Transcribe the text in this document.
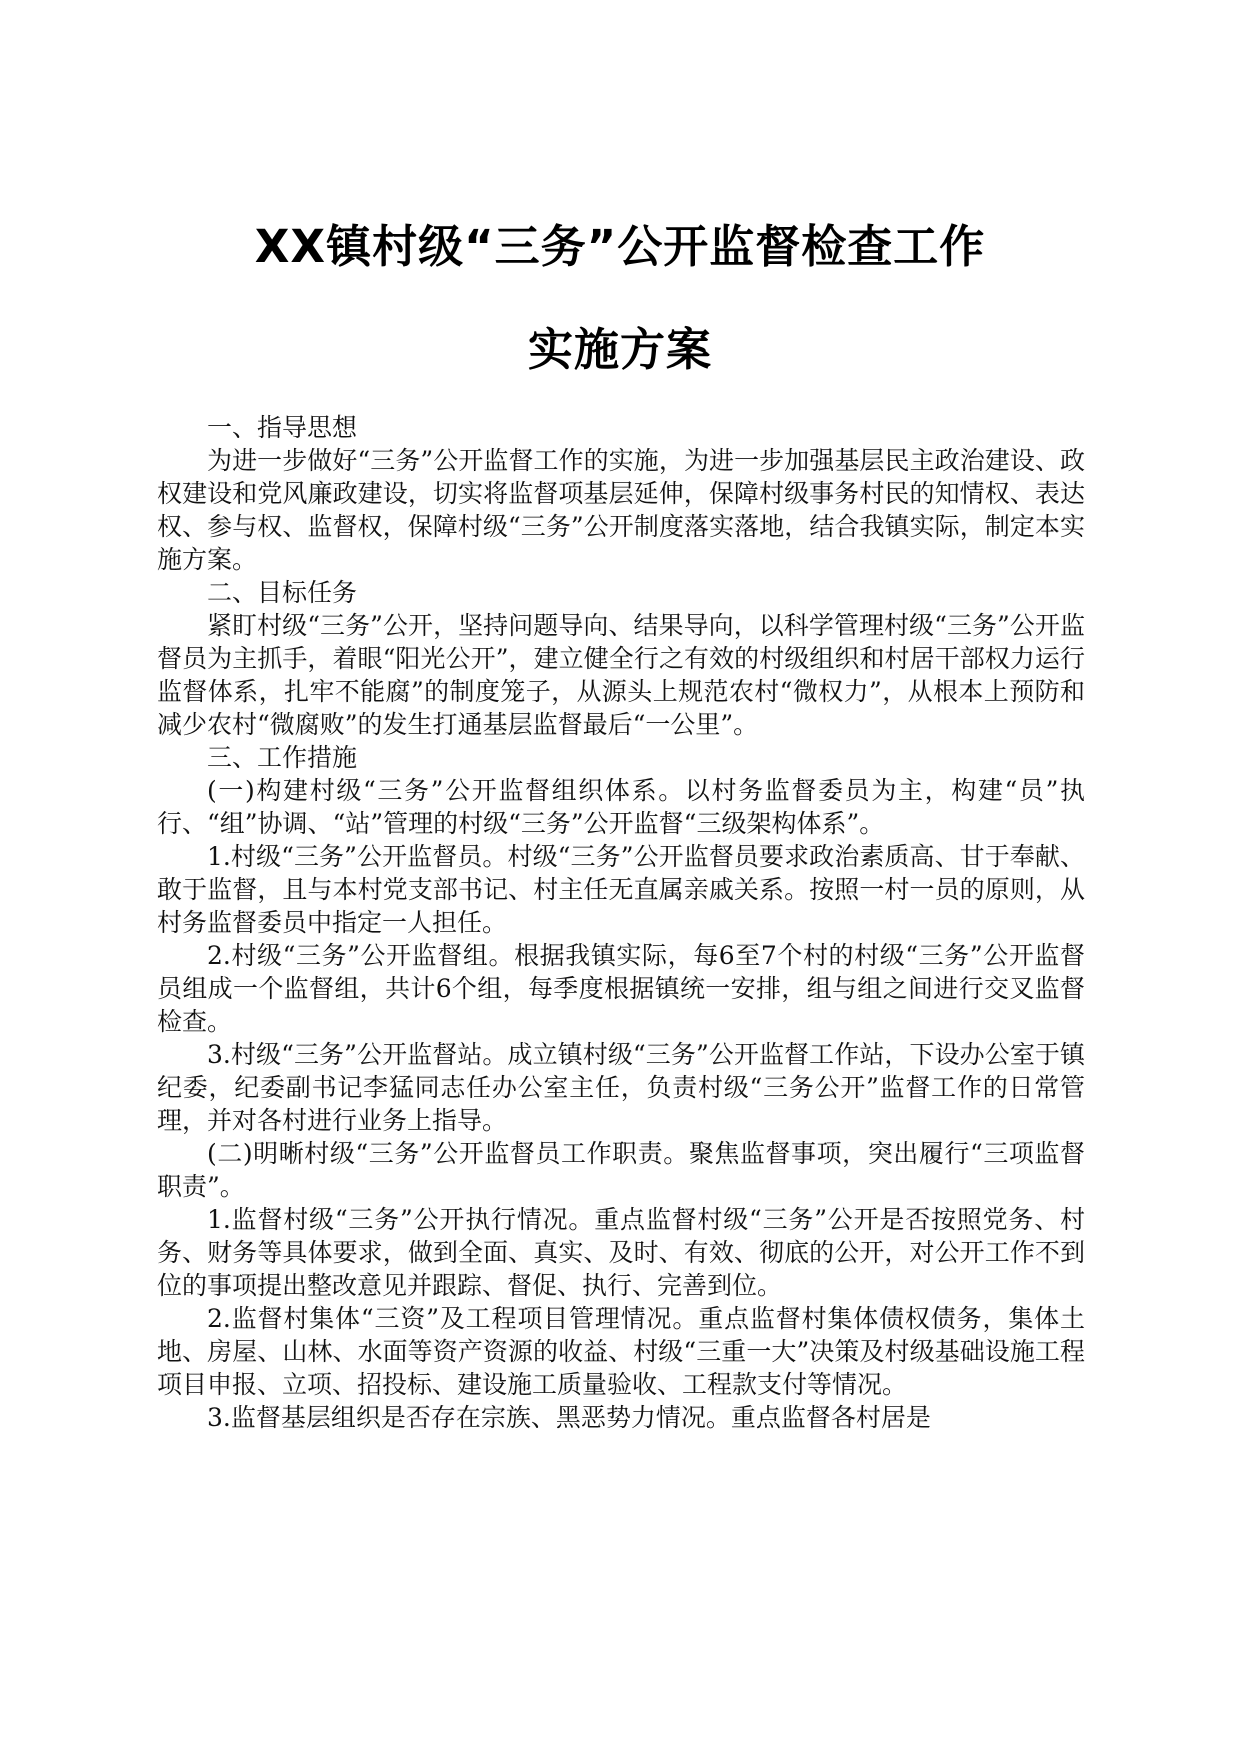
XX镇村级“三务”公开监督检查工作
实施方案

一、指导思想

为进一步做好“三务”公开监督工作的实施，为进一步加强基层民主政治建设、政权建设和党风廉政建设，切实将监督项基层延伸，保障村级事务村民的知情权、表达权、参与权、监督权，保障村级“三务”公开制度落实落地，结合我镇实际，制定本实施方案。

二、目标任务

紧盯村级“三务”公开，坚持问题导向、结果导向，以科学管理村级“三务”公开监督员为主抓手，着眼“阳光公开”，建立健全行之有效的村级组织和村居干部权力运行监督体系，扎牢不能腐”的制度笼子，从源头上规范农村“微权力”，从根本上预防和减少农村“微腐败”的发生打通基层监督最后“一公里”。

三、工作措施

(一)构建村级“三务”公开监督组织体系。以村务监督委员为主，构建“员”执行、“组”协调、“站”管理的村级“三务”公开监督“三级架构体系”。

1.村级“三务”公开监督员。村级“三务”公开监督员要求政治素质高、甘于奉献、敢于监督，且与本村党支部书记、村主任无直属亲戚关系。按照一村一员的原则，从村务监督委员中指定一人担任。

2.村级“三务”公开监督组。根据我镇实际，每6至7个村的村级“三务”公开监督员组成一个监督组，共计6个组，每季度根据镇统一安排，组与组之间进行交叉监督检查。

3.村级“三务”公开监督站。成立镇村级“三务”公开监督工作站，下设办公室于镇纪委，纪委副书记李猛同志任办公室主任，负责村级“三务公开”监督工作的日常管理，并对各村进行业务上指导。

(二)明晰村级“三务”公开监督员工作职责。聚焦监督事项，突出履行“三项监督职责”。

1.监督村级“三务”公开执行情况。重点监督村级“三务”公开是否按照党务、村务、财务等具体要求，做到全面、真实、及时、有效、彻底的公开，对公开工作不到位的事项提出整改意见并跟踪、督促、执行、完善到位。

2.监督村集体“三资”及工程项目管理情况。重点监督村集体债权债务，集体土地、房屋、山林、水面等资产资源的收益、村级“三重一大”决策及村级基础设施工程项目申报、立项、招投标、建设施工质量验收、工程款支付等情况。

3.监督基层组织是否存在宗族、黑恶势力情况。重点监督各村居是
